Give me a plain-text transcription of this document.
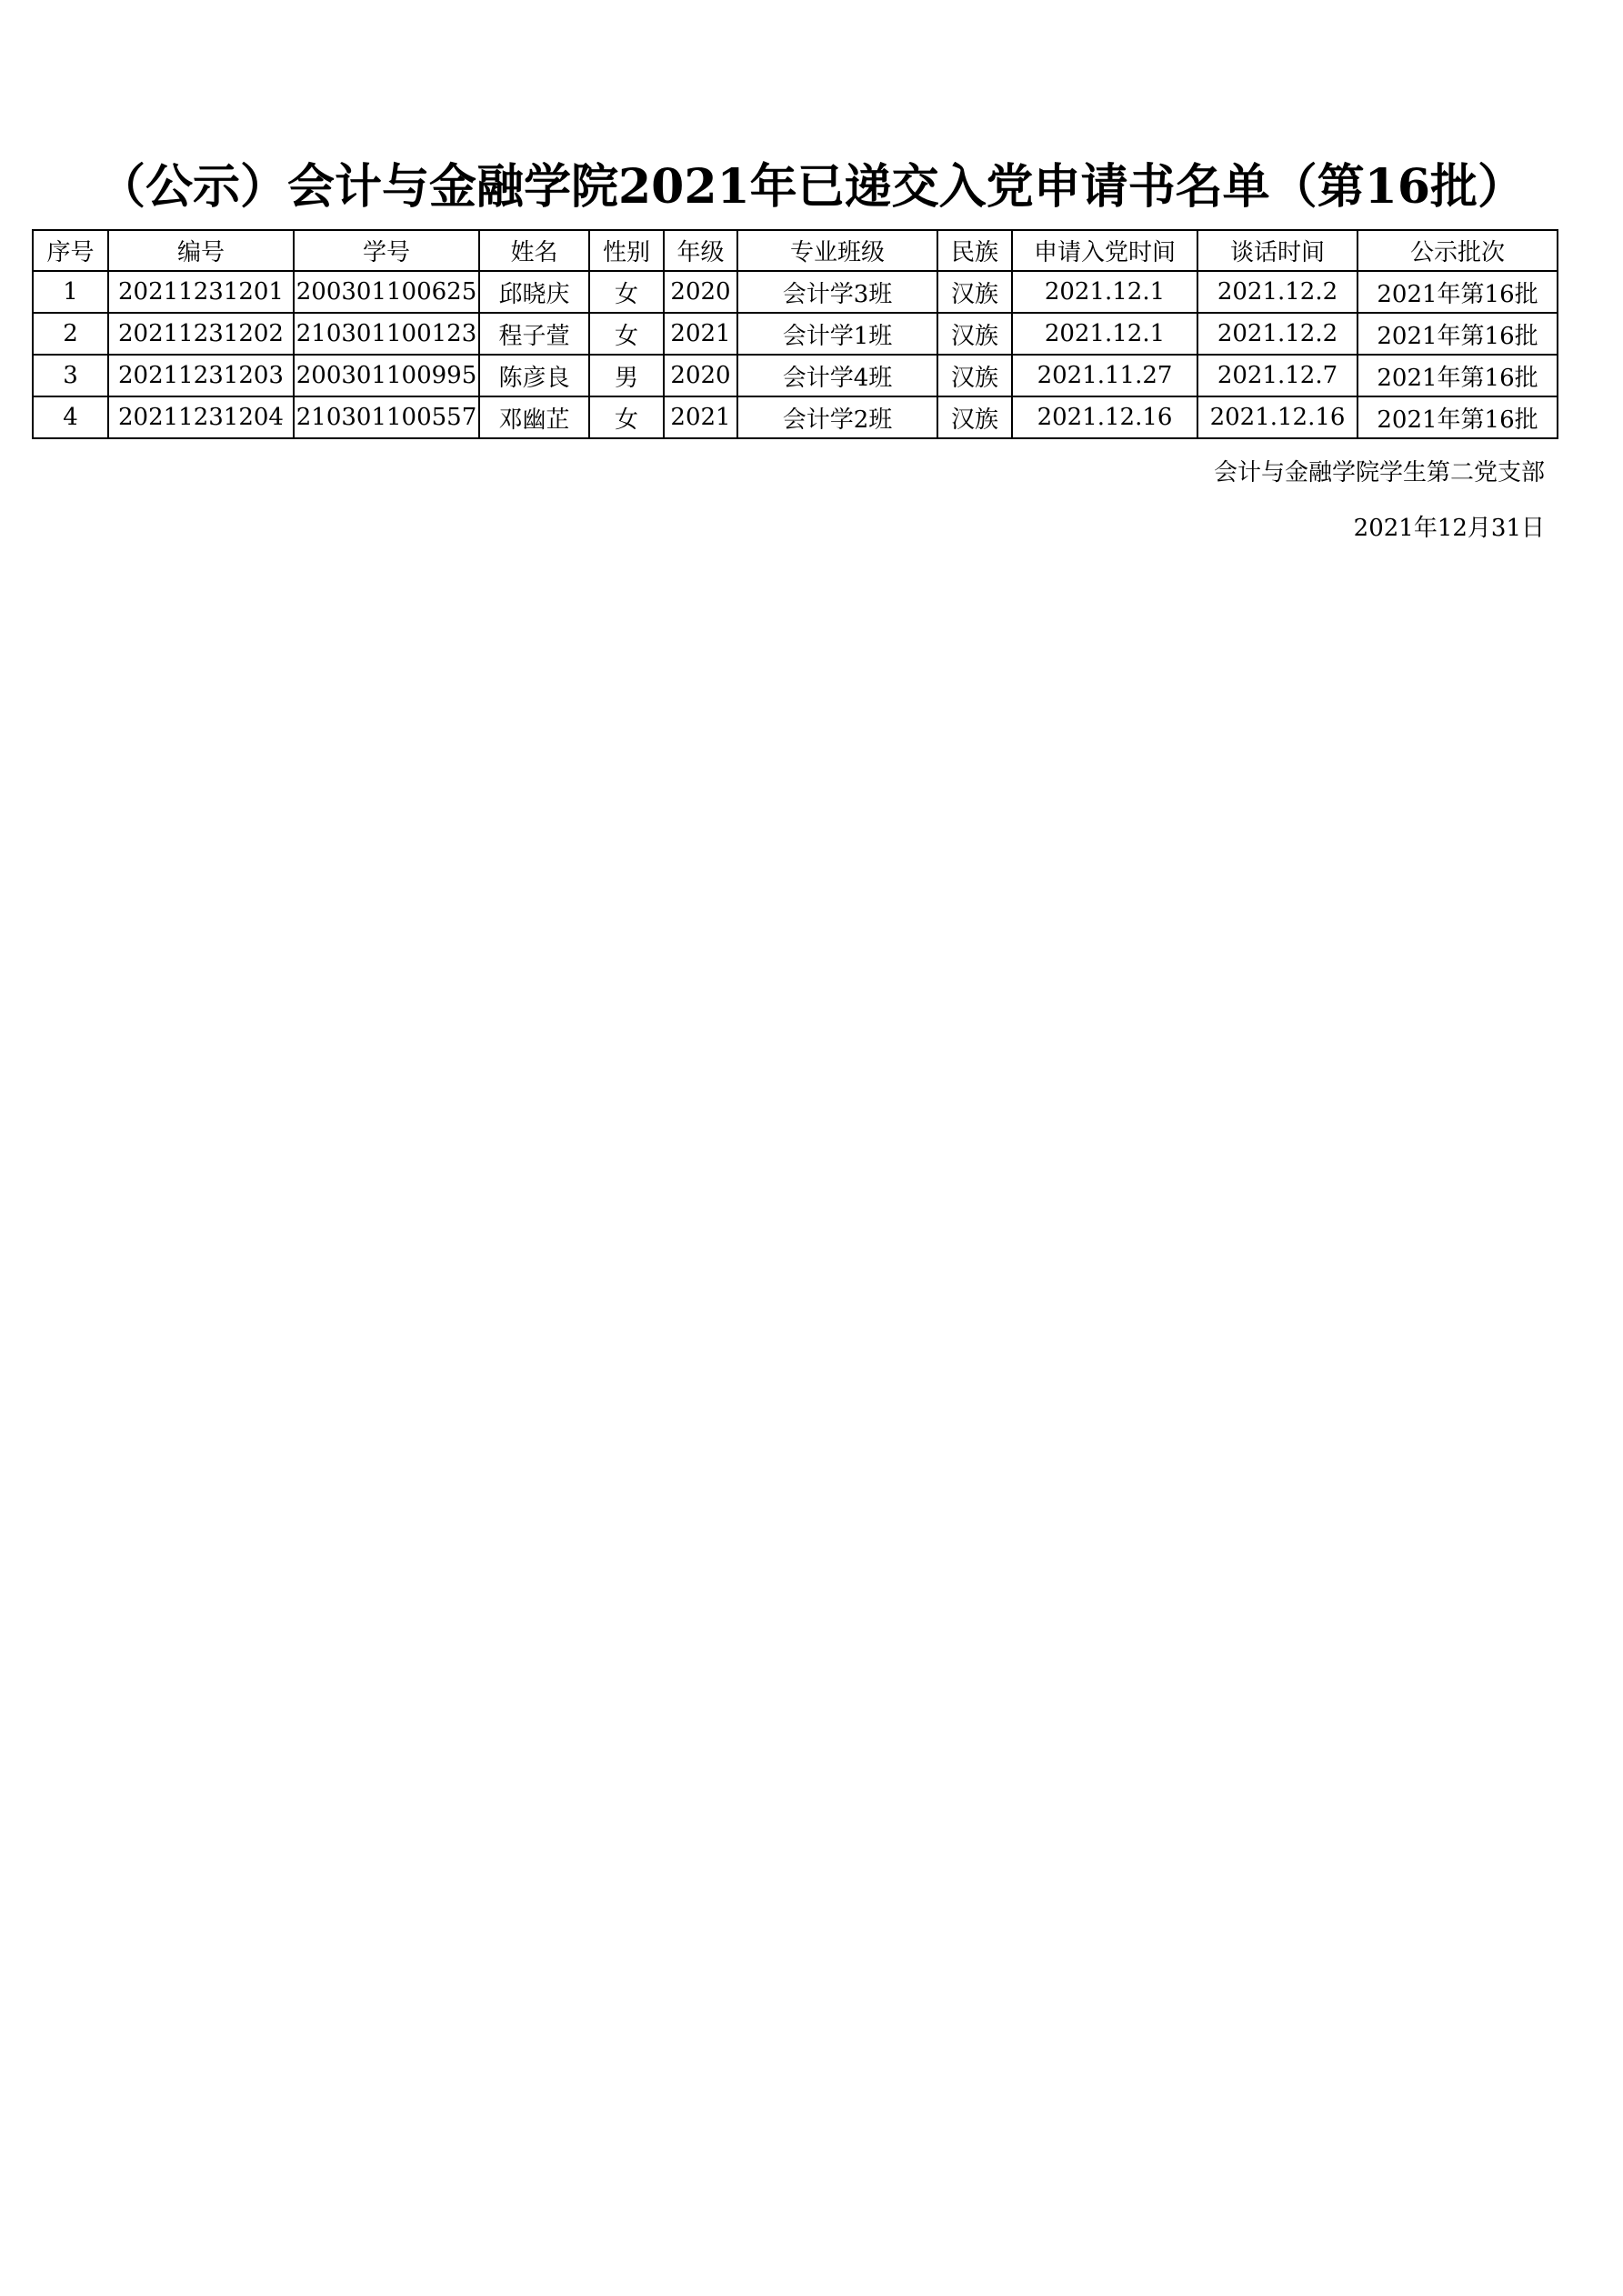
（公示）会计与金融学院2021年已递交入党申请书名单（第16批）
序号	编号	学号	姓名	性别	年级	专业班级	民族	申请入党时间	谈话时间	公示批次
1	20211231201	200301100625	邱晓庆	女	2020	会计学3班	汉族	2021.12.1	2021.12.2	2021年第16批
2	20211231202	210301100123	程子萱	女	2021	会计学1班	汉族	2021.12.1	2021.12.2	2021年第16批
3	20211231203	200301100995	陈彦良	男	2020	会计学4班	汉族	2021.11.27	2021.12.7	2021年第16批
4	20211231204	210301100557	邓幽芷	女	2021	会计学2班	汉族	2021.12.16	2021.12.16	2021年第16批
会计与金融学院学生第二党支部
2021年12月31日
